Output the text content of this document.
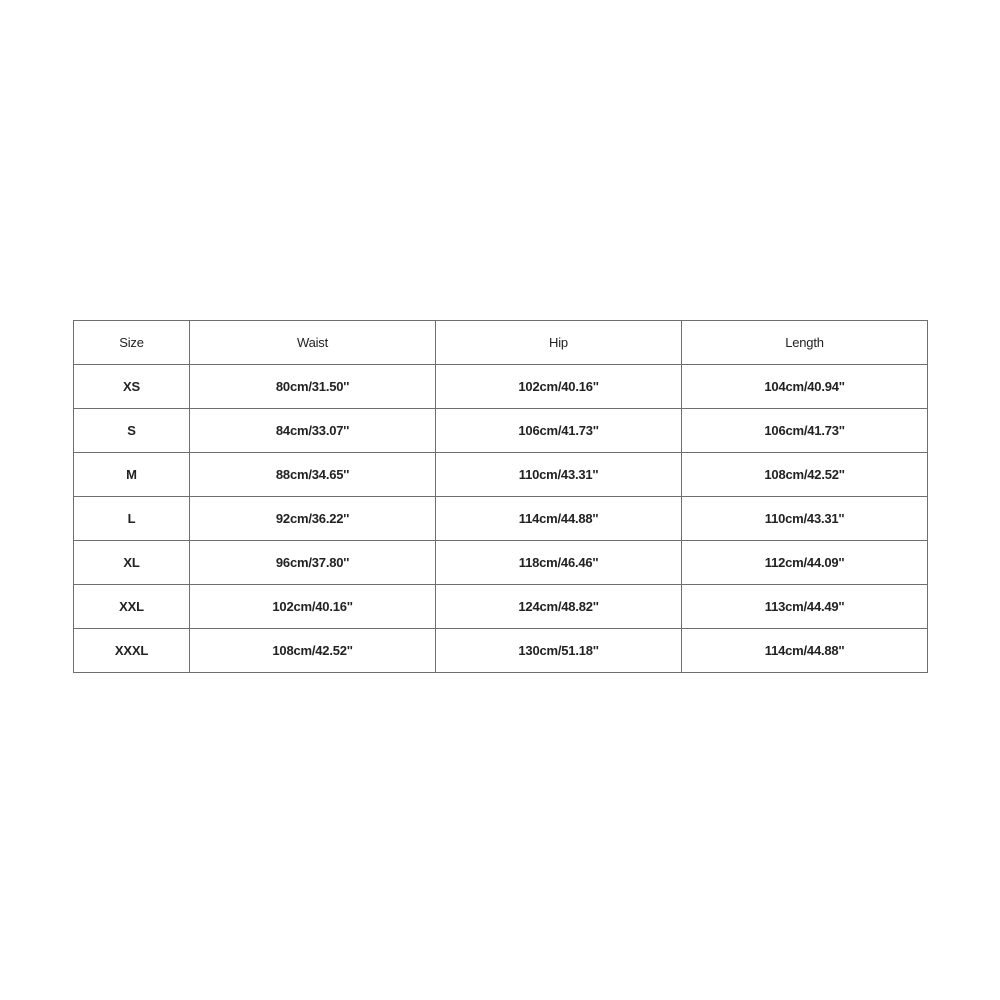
Size	Waist	Hip	Length
XS	80cm/31.50''	102cm/40.16''	104cm/40.94''
S	84cm/33.07''	106cm/41.73''	106cm/41.73''
M	88cm/34.65''	110cm/43.31''	108cm/42.52''
L	92cm/36.22''	114cm/44.88''	110cm/43.31''
XL	96cm/37.80''	118cm/46.46''	112cm/44.09''
XXL	102cm/40.16''	124cm/48.82''	113cm/44.49''
XXXL	108cm/42.52''	130cm/51.18''	114cm/44.88''
